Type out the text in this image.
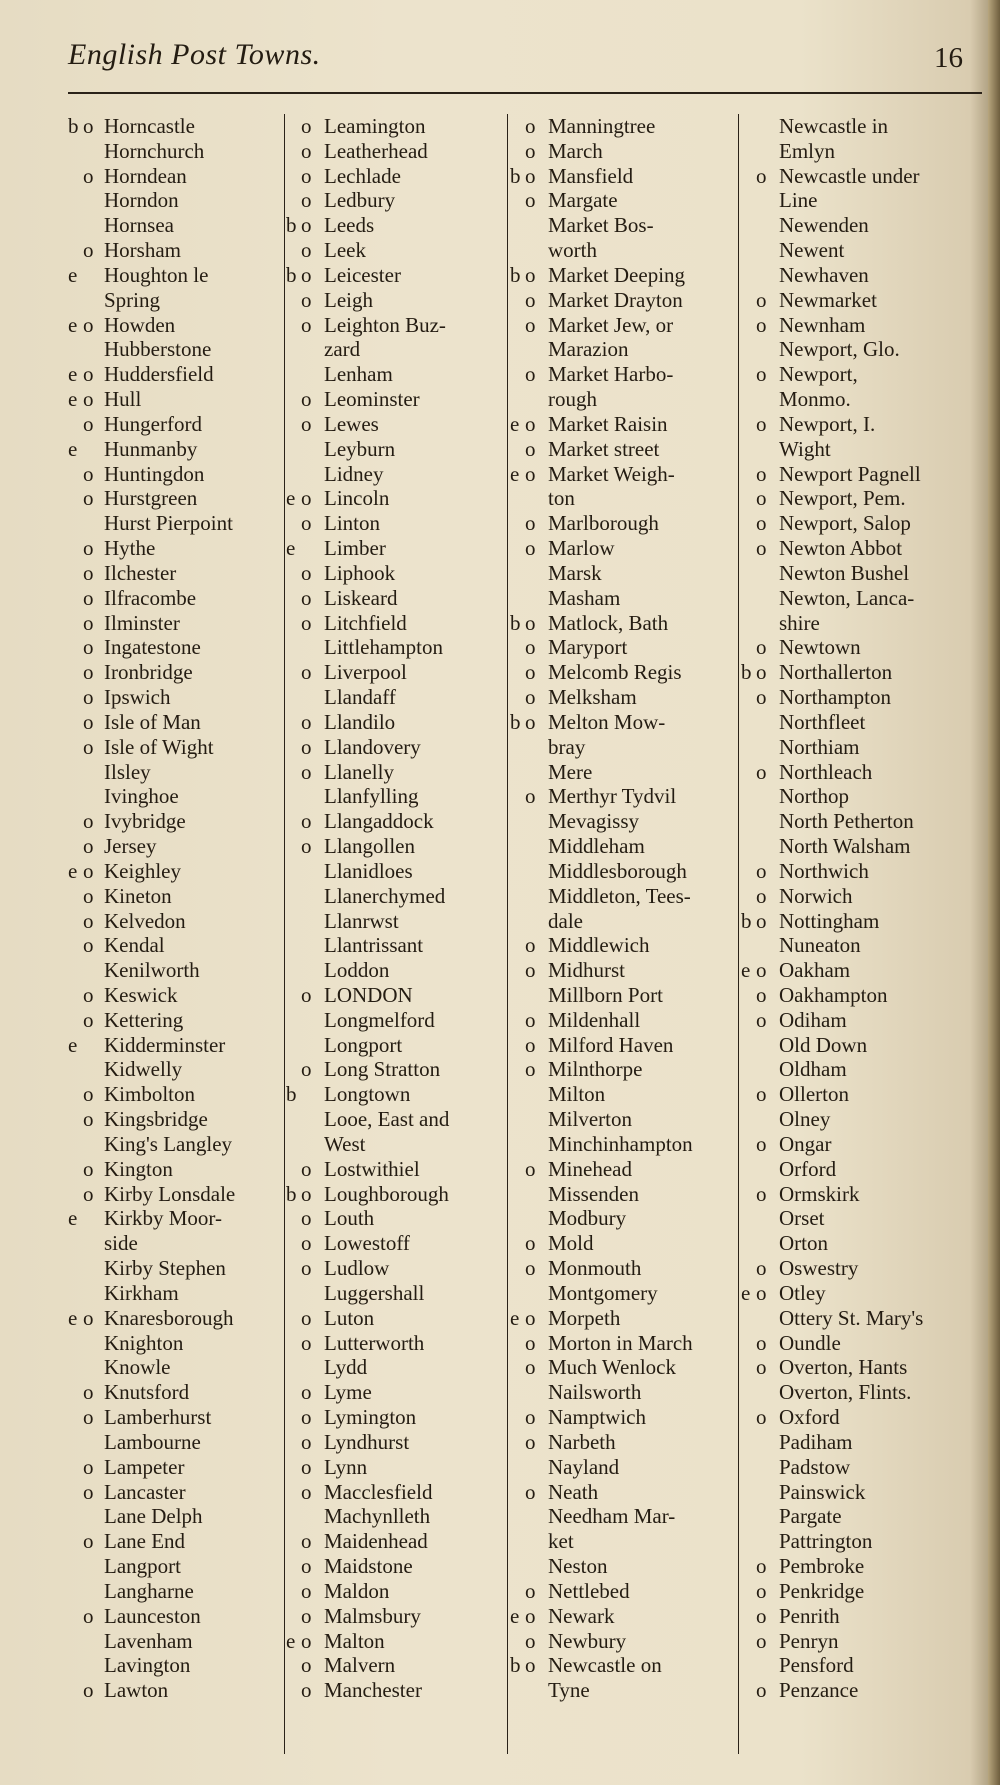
English Post Towns.	16
b o Horncastle
Hornchurch
o Horndean
Horndon
Hornsea
o Horsham
e Houghton le
Spring
e o Howden
Hubberstone
e o Huddersfield
e o Hull
o Hungerford
e Hunmanby
o Huntingdon
o Hurstgreen
Hurst Pierpoint
o Hythe
o Ilchester
o Ilfracombe
o Ilminster
o Ingatestone
o Ironbridge
o Ipswich
o Isle of Man
o Isle of Wight
Ilsley
Ivinghoe
o Ivybridge
o Jersey
e o Keighley
o Kineton
o Kelvedon
o Kendal
Kenilworth
o Keswick
o Kettering
e Kidderminster
Kidwelly
o Kimbolton
o Kingsbridge
King's Langley
o Kington
o Kirby Lonsdale
e Kirkby Moor-
side
Kirby Stephen
Kirkham
e o Knaresborough
Knighton
Knowle
o Knutsford
o Lamberhurst
Lambourne
o Lampeter
o Lancaster
Lane Delph
o Lane End
Langport
Langharne
o Launceston
Lavenham
Lavington
o Lawton
o Leamington
o Leatherhead
o Lechlade
o Ledbury
b o Leeds
o Leek
b o Leicester
o Leigh
o Leighton Buz-
zard
Lenham
o Leominster
o Lewes
Leyburn
Lidney
e o Lincoln
o Linton
e Limber
o Liphook
o Liskeard
o Litchfield
Littlehampton
o Liverpool
Llandaff
o Llandilo
o Llandovery
o Llanelly
Llanfylling
o Llangaddock
o Llangollen
Llanidloes
Llanerchymed
Llanrwst
Llantrissant
Loddon
o LONDON
Longmelford
Longport
o Long Stratton
b Longtown
Looe, East and
West
o Lostwithiel
b o Loughborough
o Louth
o Lowestoff
o Ludlow
Luggershall
o Luton
o Lutterworth
Lydd
o Lyme
o Lymington
o Lyndhurst
o Lynn
o Macclesfield
Machynlleth
o Maidenhead
o Maidstone
o Maldon
o Malmsbury
e o Malton
o Malvern
o Manchester
o Manningtree
o March
b o Mansfield
o Margate
Market Bos-
worth
b o Market Deeping
o Market Drayton
o Market Jew, or
Marazion
o Market Harbo-
rough
e o Market Raisin
o Market street
e o Market Weigh-
ton
o Marlborough
o Marlow
Marsk
Masham
b o Matlock, Bath
o Maryport
o Melcomb Regis
o Melksham
b o Melton Mow-
bray
Mere
o Merthyr Tydvil
Mevagissy
Middleham
Middlesborough
Middleton, Tees-
dale
o Middlewich
o Midhurst
Millborn Port
o Mildenhall
o Milford Haven
o Milnthorpe
Milton
Milverton
Minchinhampton
o Minehead
Missenden
Modbury
o Mold
o Monmouth
Montgomery
e o Morpeth
o Morton in March
o Much Wenlock
Nailsworth
o Namptwich
o Narbeth
Nayland
o Neath
Needham Mar-
ket
Neston
o Nettlebed
e o Newark
o Newbury
b o Newcastle on
Tyne
Newcastle in
Emlyn
o Newcastle under
Line
Newenden
Newent
Newhaven
o Newmarket
o Newnham
Newport, Glo.
o Newport,
Monmo.
o Newport, I.
Wight
o Newport Pagnell
o Newport, Pem.
o Newport, Salop
o Newton Abbot
Newton Bushel
Newton, Lanca-
shire
o Newtown
b o Northallerton
o Northampton
Northfleet
Northiam
o Northleach
Northop
North Petherton
North Walsham
o Northwich
o Norwich
b o Nottingham
Nuneaton
e o Oakham
o Oakhampton
o Odiham
Old Down
Oldham
o Ollerton
Olney
o Ongar
Orford
o Ormskirk
Orset
Orton
o Oswestry
e o Otley
Ottery St. Mary's
o Oundle
o Overton, Hants
Overton, Flints.
o Oxford
Padiham
Padstow
Painswick
Pargate
Pattrington
o Pembroke
o Penkridge
o Penrith
o Penryn
Pensford
o Penzance
